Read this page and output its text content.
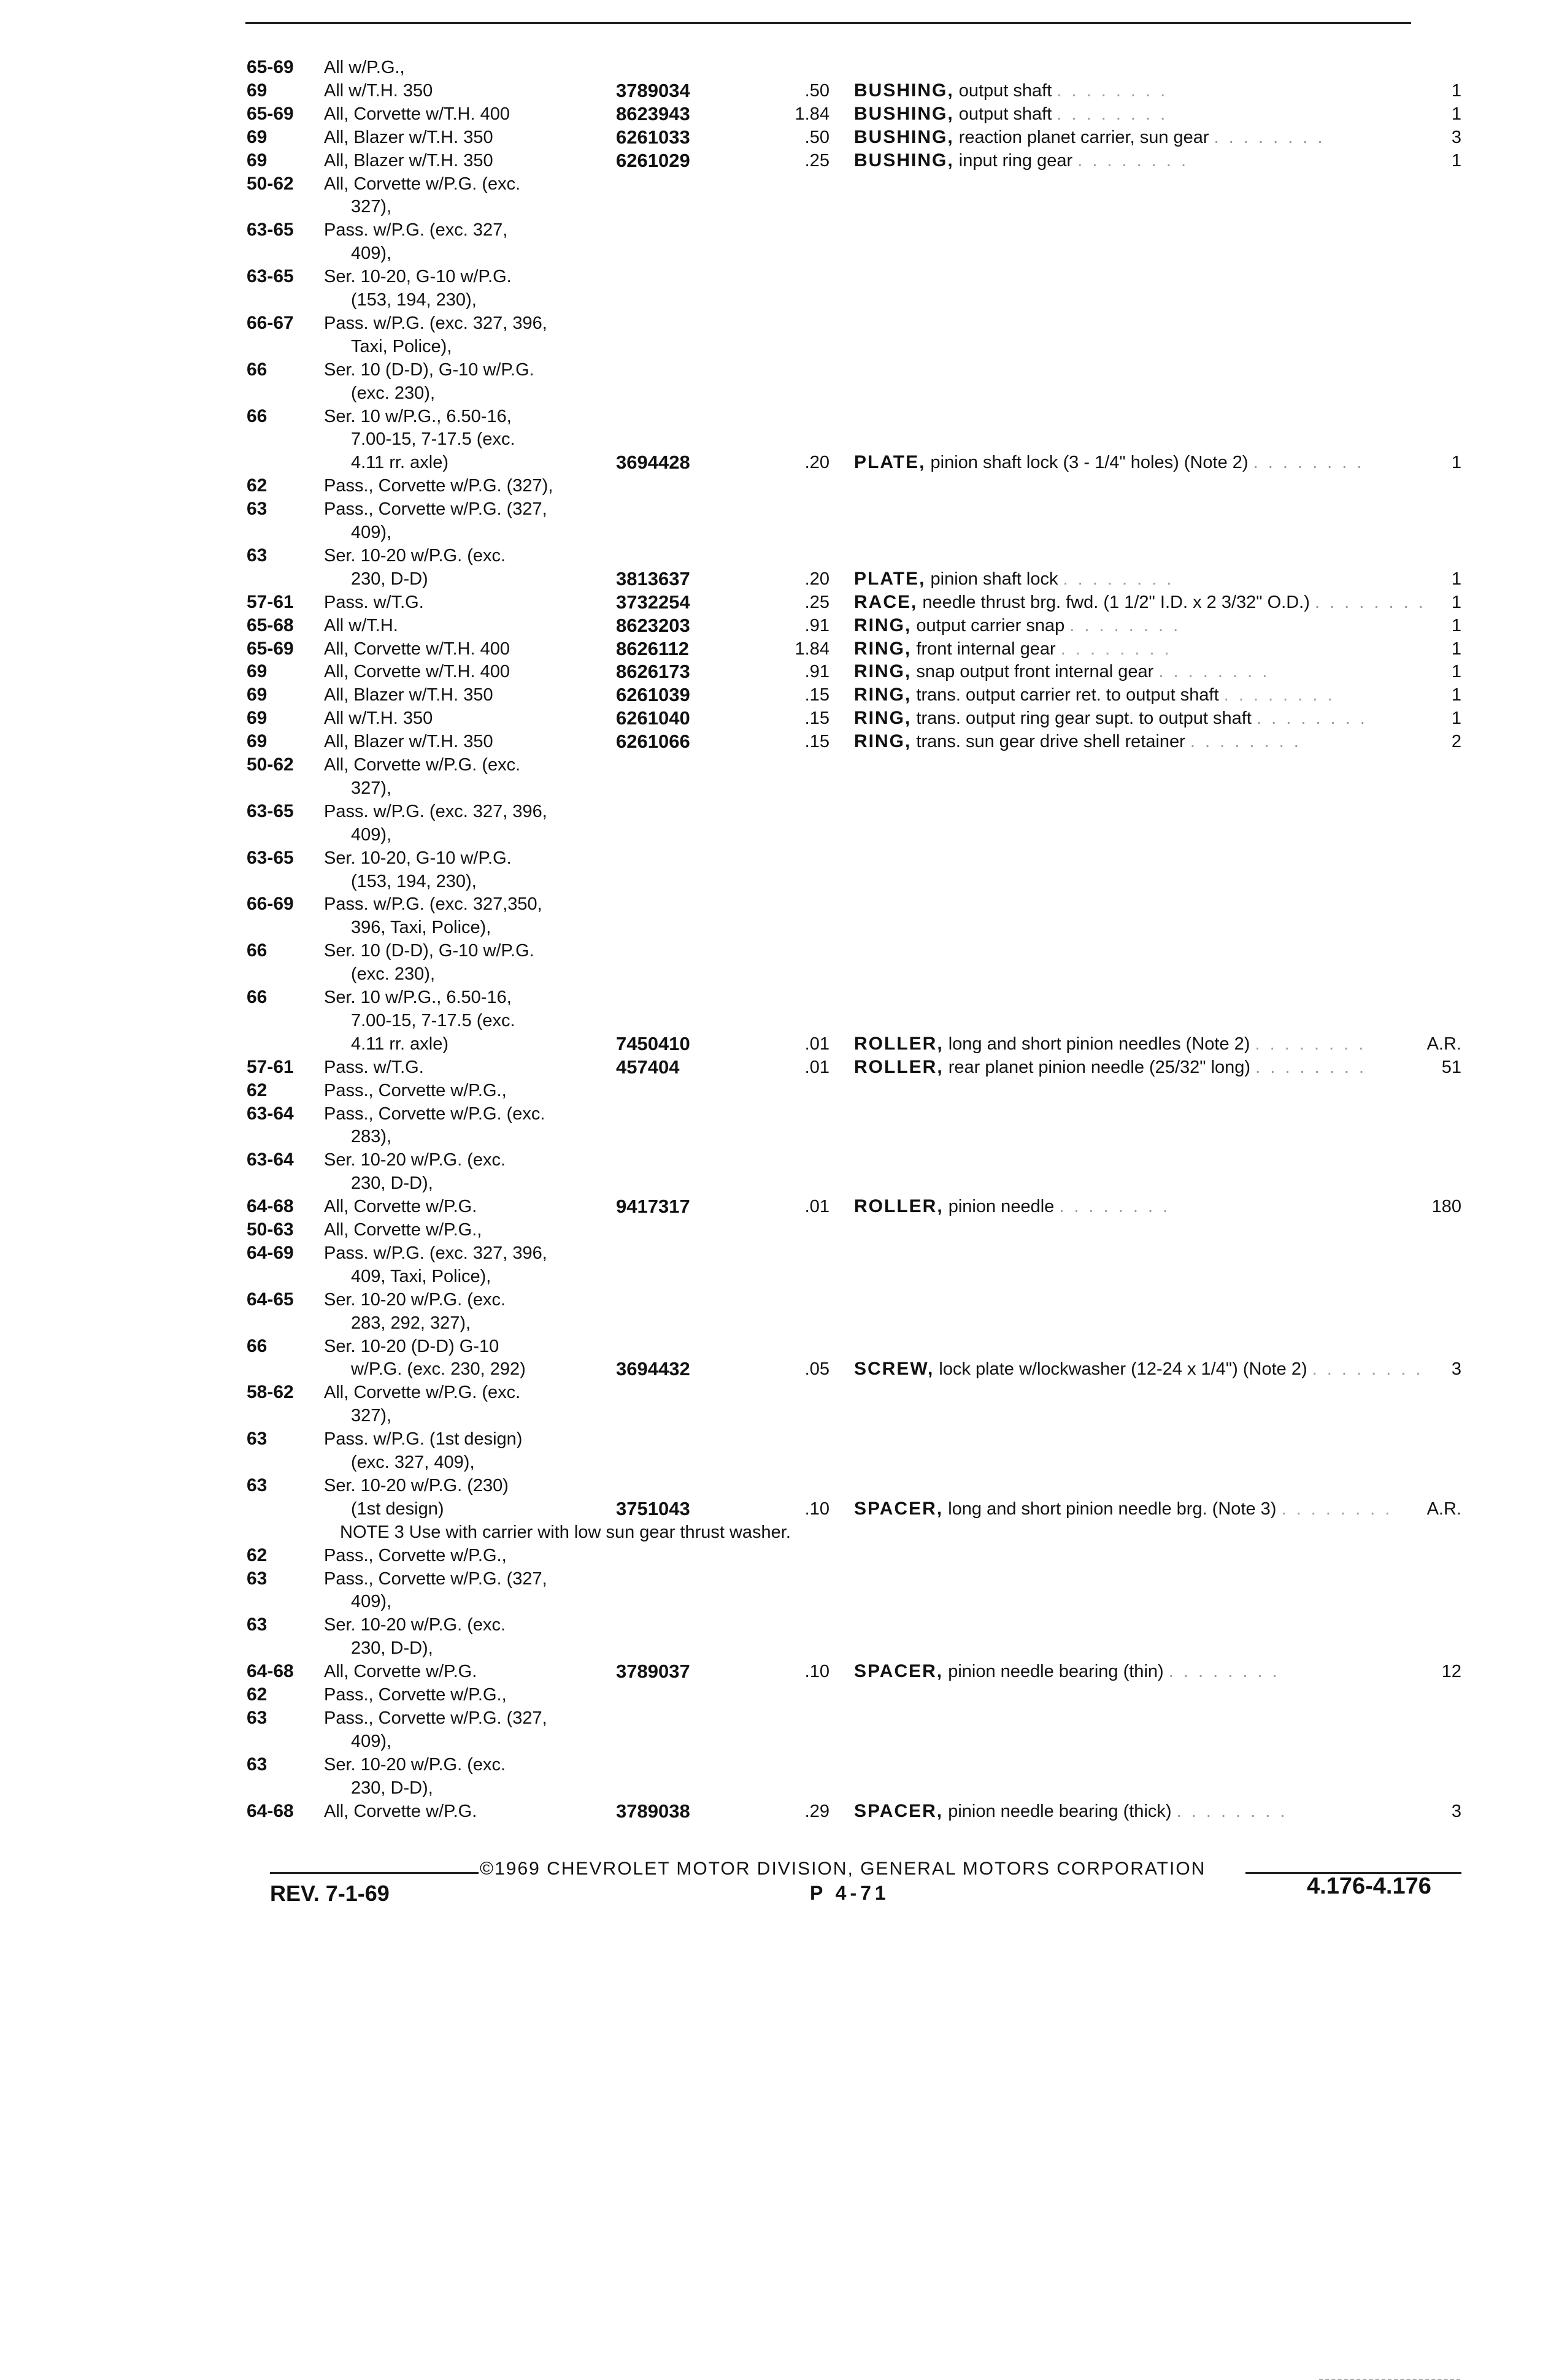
65-69	All w/P.G.,
69	All w/T.H. 350	3789034	.50 BUSHING, output shaft . . . . . . . .	1
65-69	All, Corvette w/T.H. 400	8623943	1.84 BUSHING, output shaft . . . . . . . .	1
69	All, Blazer w/T.H. 350	6261033	.50 BUSHING, reaction planet carrier, sun gear . . . . . . . .	3
69	All, Blazer w/T.H. 350	6261029	.25 BUSHING, input ring gear . . . . . . . .	1
50-62	All, Corvette w/P.G. (exc.
327),
63-65	Pass. w/P.G. (exc. 327,
409),
63-65	Ser. 10-20, G-10 w/P.G.
(153, 194, 230),
66-67	Pass. w/P.G. (exc. 327, 396,
Taxi, Police),
66	Ser. 10 (D-D), G-10 w/P.G.
(exc. 230),
66	Ser. 10 w/P.G., 6.50-16,
7.00-15, 7-17.5 (exc.
4.11 rr. axle)	3694428	.20 PLATE, pinion shaft lock (3 - 1/4" holes) (Note 2) . . . . . . . .	1
62	Pass., Corvette w/P.G. (327),
63	Pass., Corvette w/P.G. (327,
409),
63	Ser. 10-20 w/P.G. (exc.
230, D-D)	3813637	.20 PLATE, pinion shaft lock . . . . . . . .	1
57-61	Pass. w/T.G.	3732254	.25 RACE, needle thrust brg. fwd. (1 1/2" I.D. x 2 3/32" O.D.) . . . . . . . .	1
65-68	All w/T.H.	8623203	.91 RING, output carrier snap . . . . . . . .	1
65-69	All, Corvette w/T.H. 400	8626112	1.84 RING, front internal gear . . . . . . . .	1
69	All, Corvette w/T.H. 400	8626173	.91 RING, snap output front internal gear . . . . . . . .	1
69	All, Blazer w/T.H. 350	6261039	.15 RING, trans. output carrier ret. to output shaft . . . . . . . .	1
69	All w/T.H. 350	6261040	.15 RING, trans. output ring gear supt. to output shaft . . . . . . . .	1
69	All, Blazer w/T.H. 350	6261066	.15 RING, trans. sun gear drive shell retainer . . . . . . . .	2
50-62	All, Corvette w/P.G. (exc.
327),
63-65	Pass. w/P.G. (exc. 327, 396,
409),
63-65	Ser. 10-20, G-10 w/P.G.
(153, 194, 230),
66-69	Pass. w/P.G. (exc. 327,350,
396, Taxi, Police),
66	Ser. 10 (D-D), G-10 w/P.G.
(exc. 230),
66	Ser. 10 w/P.G., 6.50-16,
7.00-15, 7-17.5 (exc.
4.11 rr. axle)	7450410	.01 ROLLER, long and short pinion needles (Note 2) . . . . . . . .	A.R.
57-61	Pass. w/T.G.	457404	.01 ROLLER, rear planet pinion needle (25/32" long) . . . . . . . .	51
62	Pass., Corvette w/P.G.,
63-64	Pass., Corvette w/P.G. (exc.
283),
63-64	Ser. 10-20 w/P.G. (exc.
230, D-D),
64-68	All, Corvette w/P.G.	9417317	.01 ROLLER, pinion needle . . . . . . . .	180
50-63	All, Corvette w/P.G.,
64-69	Pass. w/P.G. (exc. 327, 396,
409, Taxi, Police),
64-65	Ser. 10-20 w/P.G. (exc.
283, 292, 327),
66	Ser. 10-20 (D-D) G-10
w/P.G. (exc. 230, 292)	3694432	.05 SCREW, lock plate w/lockwasher (12-24 x 1/4") (Note 2) . . . . . . . .	3
58-62	All, Corvette w/P.G. (exc.
327),
63	Pass. w/P.G. (1st design)
(exc. 327, 409),
63	Ser. 10-20 w/P.G. (230)
(1st design)	3751043	.10 SPACER, long and short pinion needle brg. (Note 3) . . . . . . . .	A.R.
NOTE 3 Use with carrier with low sun gear thrust washer.
62	Pass., Corvette w/P.G.,
63	Pass., Corvette w/P.G. (327,
409),
63	Ser. 10-20 w/P.G. (exc.
230, D-D),
64-68	All, Corvette w/P.G.	3789037	.10 SPACER, pinion needle bearing (thin) . . . . . . . .	12
62	Pass., Corvette w/P.G.,
63	Pass., Corvette w/P.G. (327,
409),
63	Ser. 10-20 w/P.G. (exc.
230, D-D),
64-68	All, Corvette w/P.G.	3789038	.29 SPACER, pinion needle bearing (thick) . . . . . . . .	3
©1969 CHEVROLET MOTOR DIVISION, GENERAL MOTORS CORPORATION
REV. 7-1-69	P 4-71	4.176-4.176
